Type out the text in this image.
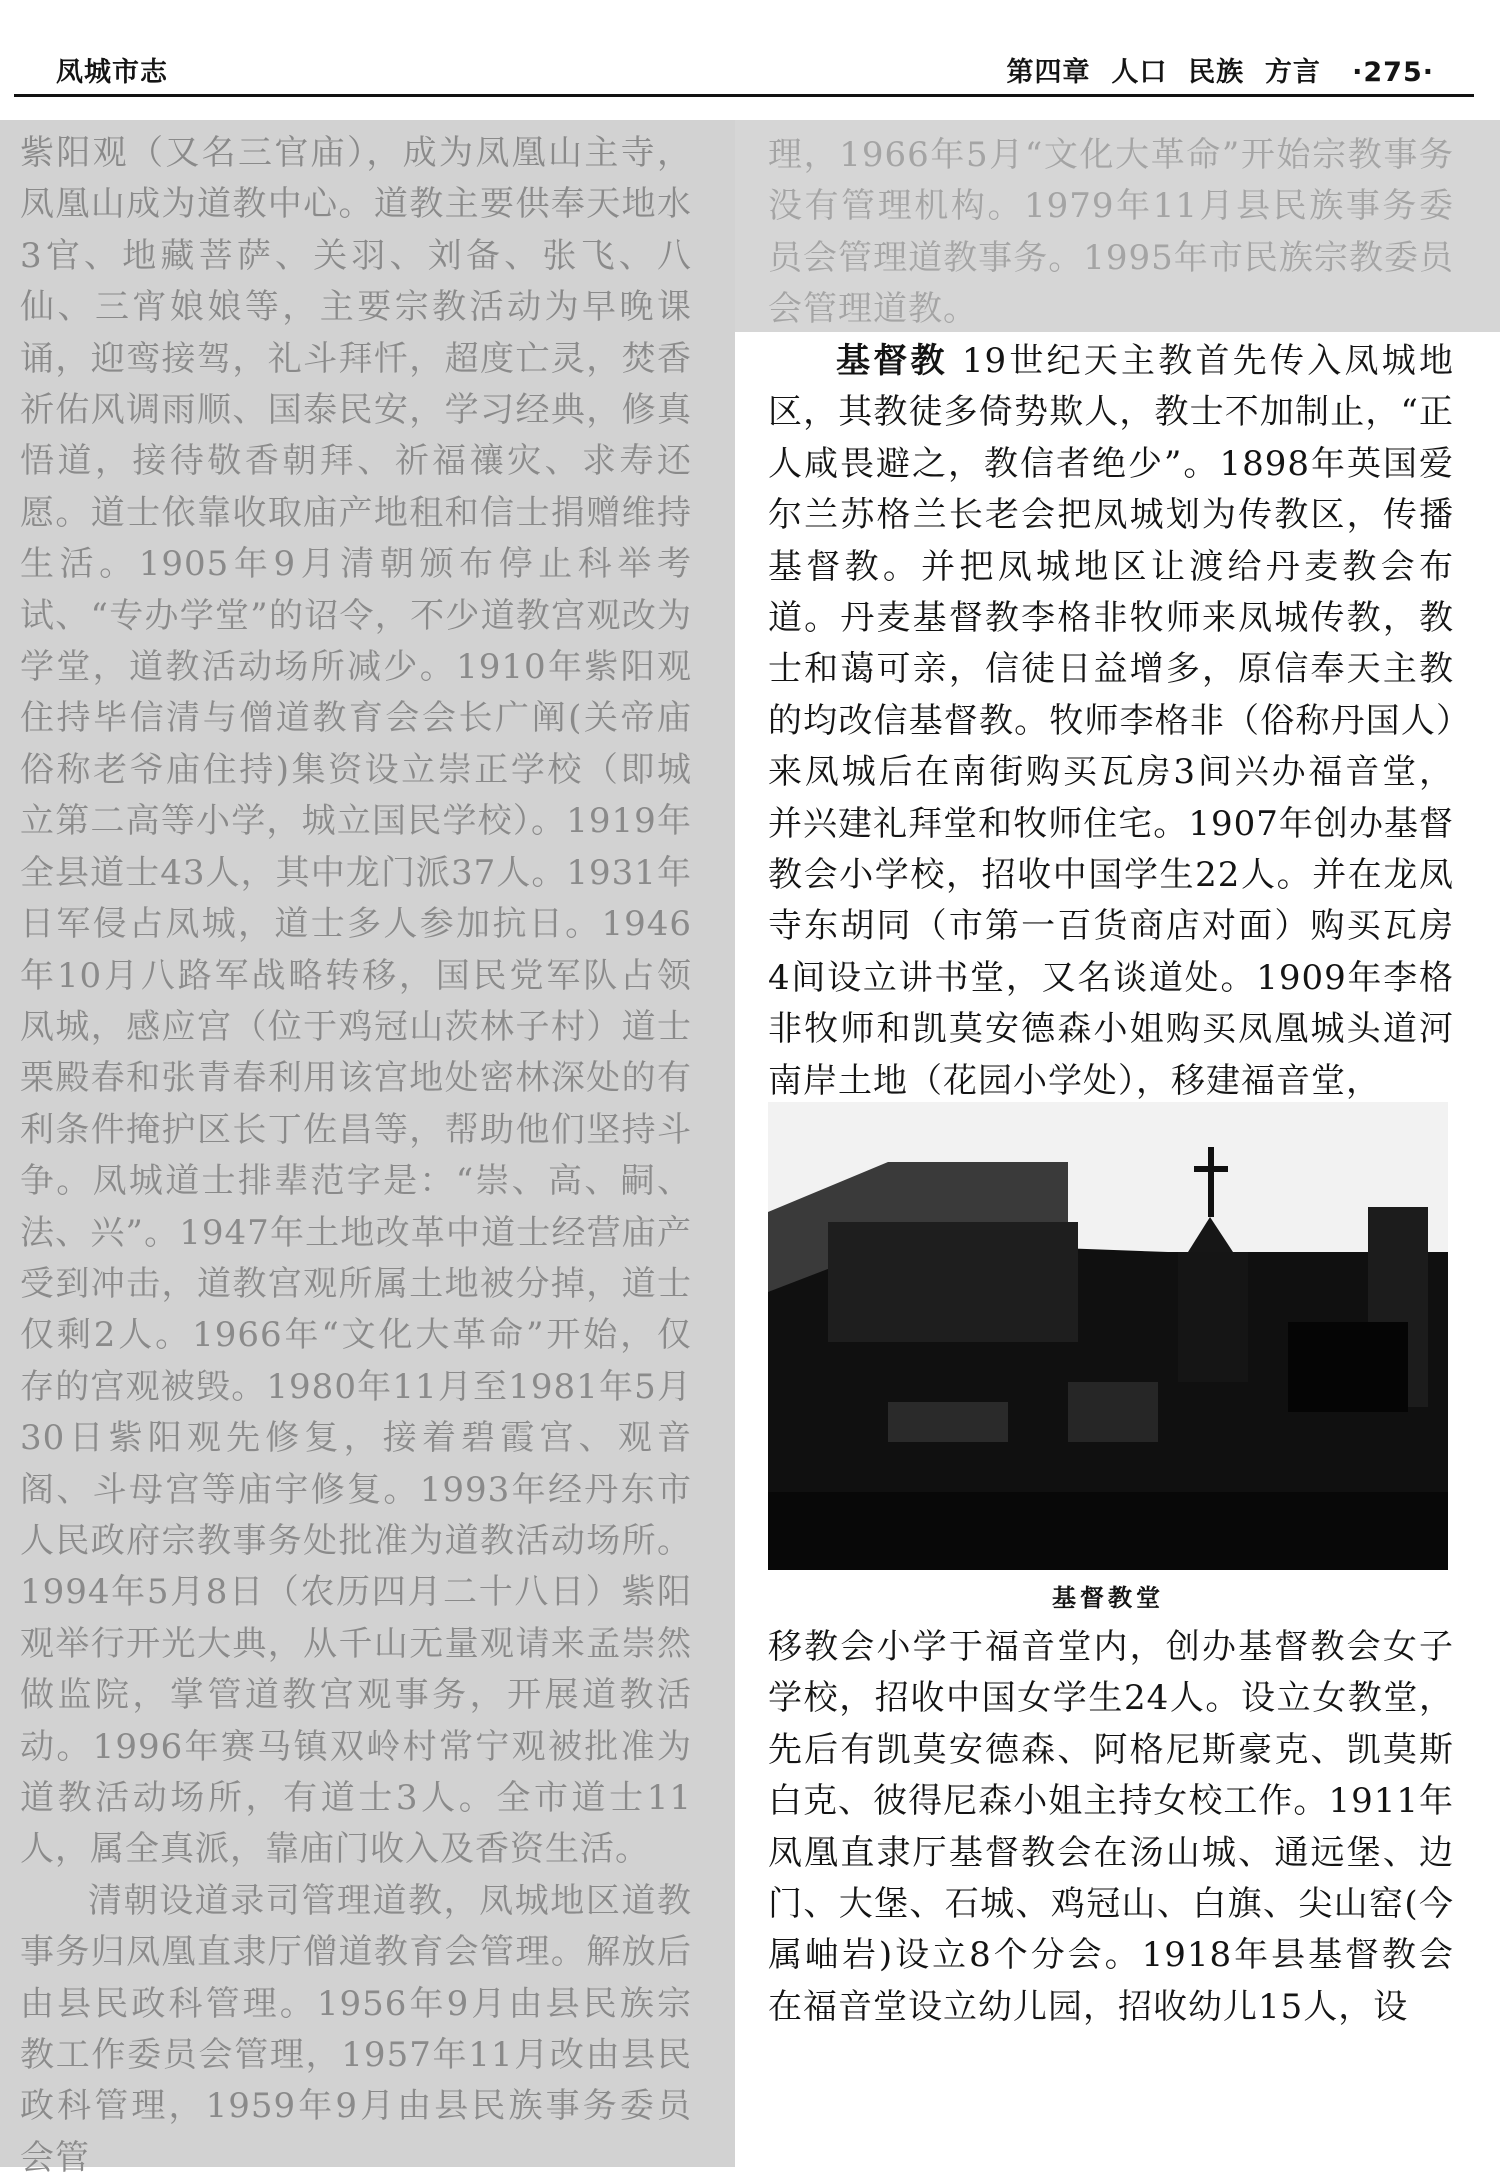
凤城市志	第四章  人口  民族  方言 ·275·

紫阳观（又名三官庙），成为凤凰山主寺，凤凰山成为道教中心。道教主要供奉天地水3官、地藏菩萨、关羽、刘备、张飞、八仙、三宵娘娘等，主要宗教活动为早晚课诵，迎鸾接驾，礼斗拜忏，超度亡灵，焚香祈佑风调雨顺、国泰民安，学习经典，修真悟道，接待敬香朝拜、祈福禳灾、求寿还愿。道士依靠收取庙产地租和信士捐赠维持生活。1905年9月清朝颁布停止科举考试、“专办学堂”的诏令，不少道教宫观改为学堂，道教活动场所减少。1910年紫阳观住持毕信清与僧道教育会会长广阐(关帝庙俗称老爷庙住持)集资设立崇正学校（即城立第二高等小学，城立国民学校）。1919年全县道士43人，其中龙门派37人。1931年日军侵占凤城，道士多人参加抗日。1946年10月八路军战略转移，国民党军队占领凤城，感应宫（位于鸡冠山茨林子村）道士栗殿春和张青春利用该宫地处密林深处的有利条件掩护区长丁佐昌等，帮助他们坚持斗争。凤城道士排辈范字是：“崇、高、嗣、法、兴”。1947年土地改革中道士经营庙产受到冲击，道教宫观所属土地被分掉，道士仅剩2人。1966年“文化大革命”开始，仅存的宫观被毁。1980年11月至1981年5月30日紫阳观先修复，接着碧霞宫、观音阁、斗母宫等庙宇修复。1993年经丹东市人民政府宗教事务处批准为道教活动场所。1994年5月8日（农历四月二十八日）紫阳观举行开光大典，从千山无量观请来孟崇然做监院，掌管道教宫观事务，开展道教活动。1996年赛马镇双岭村常宁观被批准为道教活动场所，有道士3人。全市道士11人，属全真派，靠庙门收入及香资生活。

清朝设道录司管理道教，凤城地区道教事务归凤凰直隶厅僧道教育会管理。解放后由县民政科管理。1956年9月由县民族宗教工作委员会管理，1957年11月改由县民政科管理，1959年9月由县民族事务委员会管

理，1966年5月“文化大革命”开始宗教事务没有管理机构。1979年11月县民族事务委员会管理道教事务。1995年市民族宗教委员会管理道教。

基督教 19世纪天主教首先传入凤城地区，其教徒多倚势欺人，教士不加制止，“正人咸畏避之，教信者绝少”。1898年英国爱尔兰苏格兰长老会把凤城划为传教区，传播基督教。并把凤城地区让渡给丹麦教会布道。丹麦基督教李格非牧师来凤城传教，教士和蔼可亲，信徒日益增多，原信奉天主教的均改信基督教。牧师李格非（俗称丹国人）来凤城后在南街购买瓦房3间兴办福音堂，并兴建礼拜堂和牧师住宅。1907年创办基督教会小学校，招收中国学生22人。并在龙凤寺东胡同（市第一百货商店对面）购买瓦房4间设立讲书堂，又名谈道处。1909年李格非牧师和凯莫安德森小姐购买凤凰城头道河南岸土地（花园小学处），移建福音堂，

基督教堂

移教会小学于福音堂内，创办基督教会女子学校，招收中国女学生24人。设立女教堂，先后有凯莫安德森、阿格尼斯豪克、凯莫斯白克、彼得尼森小姐主持女校工作。1911年凤凰直隶厅基督教会在汤山城、通远堡、边门、大堡、石城、鸡冠山、白旗、尖山窑(今属岫岩)设立8个分会。1918年县基督教会在福音堂设立幼儿园，招收幼儿15人，设
